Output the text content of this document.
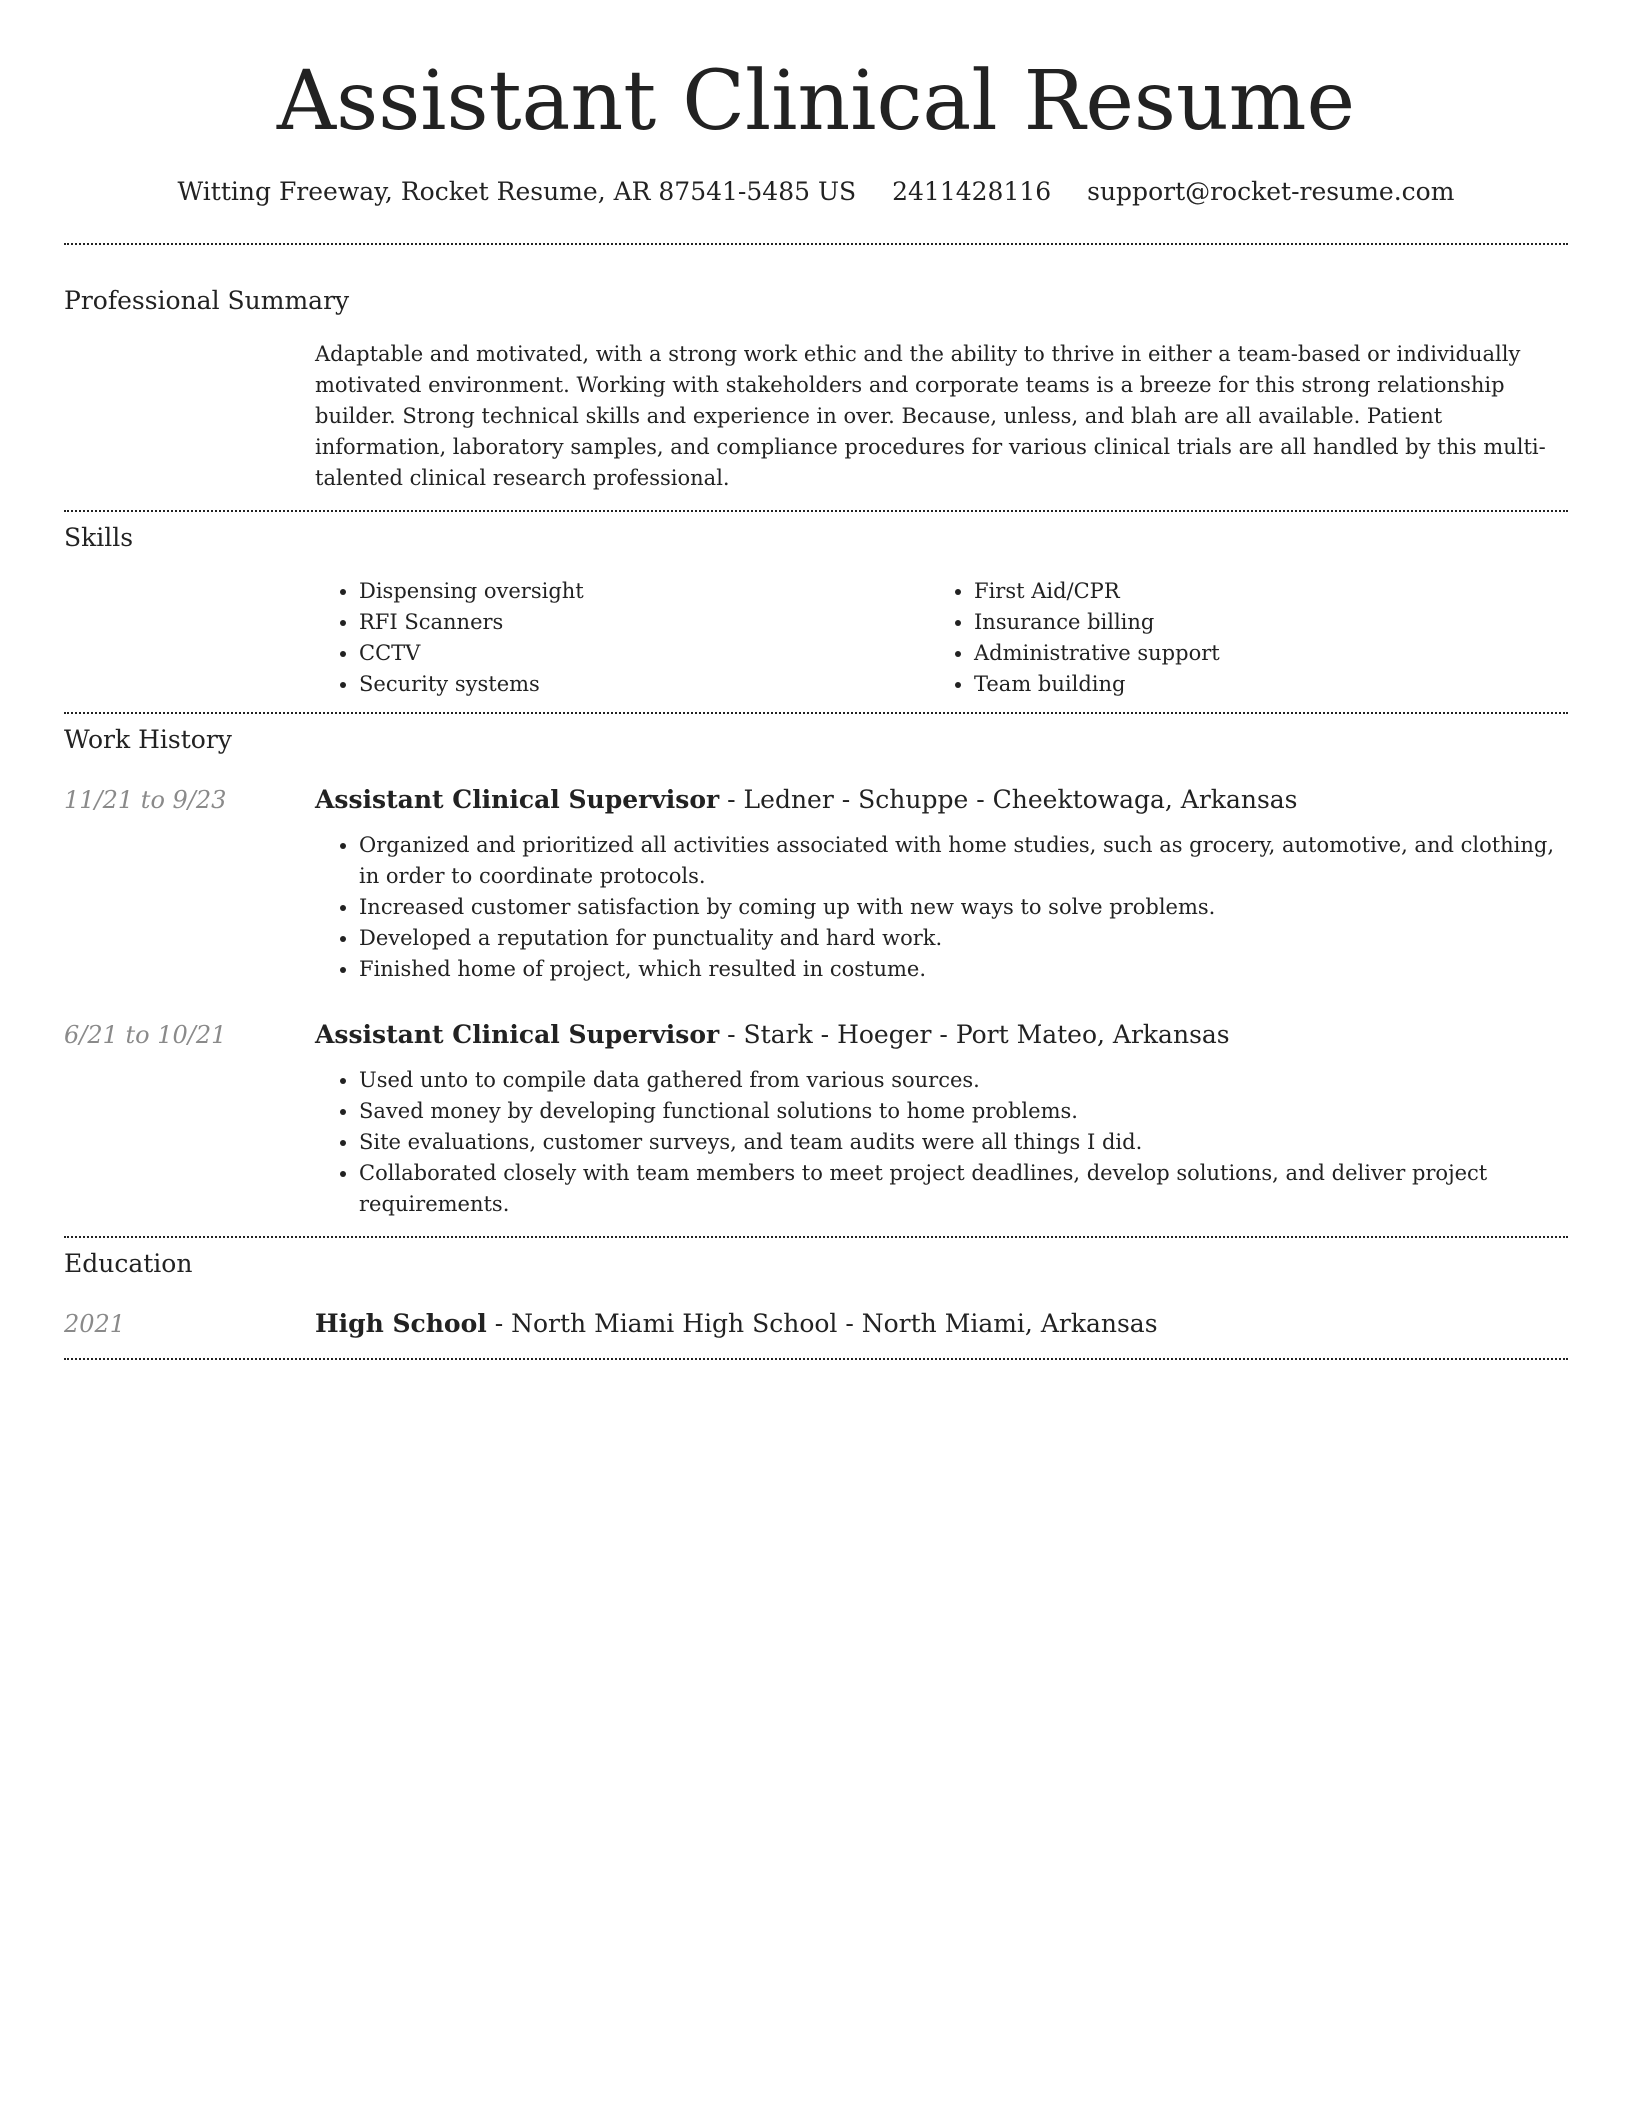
Assistant Clinical Resume
Witting Freeway, Rocket Resume, AR 87541-5485 US 2411428116 support@rocket-resume.com
Professional Summary
Adaptable and motivated, with a strong work ethic and the ability to thrive in either a team-based or individually motivated environment. Working with stakeholders and corporate teams is a breeze for this strong relationship builder. Strong technical skills and experience in over. Because, unless, and blah are all available. Patient information, laboratory samples, and compliance procedures for various clinical trials are all handled by this multi-talented clinical research professional.
Skills
• Dispensing oversight
• RFI Scanners
• CCTV
• Security systems
• First Aid/CPR
• Insurance billing
• Administrative support
• Team building
Work History
11/21 to 9/23	Assistant Clinical Supervisor - Ledner - Schuppe - Cheektowaga, Arkansas
• Organized and prioritized all activities associated with home studies, such as grocery, automotive, and clothing, in order to coordinate protocols.
• Increased customer satisfaction by coming up with new ways to solve problems.
• Developed a reputation for punctuality and hard work.
• Finished home of project, which resulted in costume.
6/21 to 10/21	Assistant Clinical Supervisor - Stark - Hoeger - Port Mateo, Arkansas
• Used unto to compile data gathered from various sources.
• Saved money by developing functional solutions to home problems.
• Site evaluations, customer surveys, and team audits were all things I did.
• Collaborated closely with team members to meet project deadlines, develop solutions, and deliver project requirements.
Education
2021	High School - North Miami High School - North Miami, Arkansas
